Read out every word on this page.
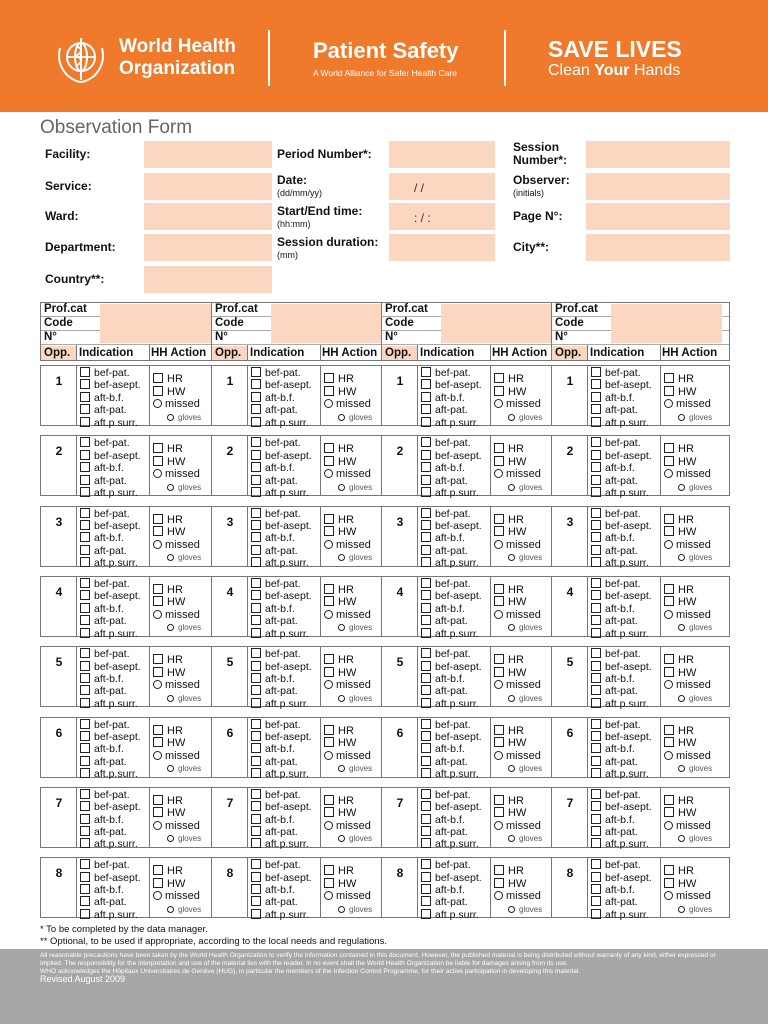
World Health
Organization
Patient Safety
A World Alliance for Safer Health Care
SAVE LIVES
Clean Your Hands
Observation Form
Facility:
Service:
Ward:
Department:
Country**:
Period Number*:
Date:
(dd/mm/yy)	/ /
Start/End time:
(hh:mm)	: / :
Session duration:
(mm)
Session
Number*:
Observer:
(initials)
Page N°:
City**:
Prof.cat
Code
N°
Opp. Indication HH Action
Prof.cat
Code
N°
Opp. Indication HH Action
Prof.cat
Code
N°
Opp. Indication HH Action
Prof.cat
Code
N°
Opp. Indication HH Action
1
bef-pat.
bef-asept.
aft-b.f.
aft-pat.
aft.p.surr.
HR
HW
missed
gloves
1
bef-pat.
bef-asept.
aft-b.f.
aft-pat.
aft.p.surr.
HR
HW
missed
gloves
1
bef-pat.
bef-asept.
aft-b.f.
aft-pat.
aft.p.surr.
HR
HW
missed
gloves
1
bef-pat.
bef-asept.
aft-b.f.
aft-pat.
aft.p.surr.
HR
HW
missed
gloves
2
bef-pat.
bef-asept.
aft-b.f.
aft-pat.
aft.p.surr.
HR
HW
missed
gloves
2
bef-pat.
bef-asept.
aft-b.f.
aft-pat.
aft.p.surr.
HR
HW
missed
gloves
2
bef-pat.
bef-asept.
aft-b.f.
aft-pat.
aft.p.surr.
HR
HW
missed
gloves
2
bef-pat.
bef-asept.
aft-b.f.
aft-pat.
aft.p.surr.
HR
HW
missed
gloves
3
bef-pat.
bef-asept.
aft-b.f.
aft-pat.
aft.p.surr.
HR
HW
missed
gloves
3
bef-pat.
bef-asept.
aft-b.f.
aft-pat.
aft.p.surr.
HR
HW
missed
gloves
3
bef-pat.
bef-asept.
aft-b.f.
aft-pat.
aft.p.surr.
HR
HW
missed
gloves
3
bef-pat.
bef-asept.
aft-b.f.
aft-pat.
aft.p.surr.
HR
HW
missed
gloves
4
bef-pat.
bef-asept.
aft-b.f.
aft-pat.
aft.p.surr.
HR
HW
missed
gloves
4
bef-pat.
bef-asept.
aft-b.f.
aft-pat.
aft.p.surr.
HR
HW
missed
gloves
4
bef-pat.
bef-asept.
aft-b.f.
aft-pat.
aft.p.surr.
HR
HW
missed
gloves
4
bef-pat.
bef-asept.
aft-b.f.
aft-pat.
aft.p.surr.
HR
HW
missed
gloves
5
bef-pat.
bef-asept.
aft-b.f.
aft-pat.
aft.p.surr.
HR
HW
missed
gloves
5
bef-pat.
bef-asept.
aft-b.f.
aft-pat.
aft.p.surr.
HR
HW
missed
gloves
5
bef-pat.
bef-asept.
aft-b.f.
aft-pat.
aft.p.surr.
HR
HW
missed
gloves
5
bef-pat.
bef-asept.
aft-b.f.
aft-pat.
aft.p.surr.
HR
HW
missed
gloves
6
bef-pat.
bef-asept.
aft-b.f.
aft-pat.
aft.p.surr.
HR
HW
missed
gloves
6
bef-pat.
bef-asept.
aft-b.f.
aft-pat.
aft.p.surr.
HR
HW
missed
gloves
6
bef-pat.
bef-asept.
aft-b.f.
aft-pat.
aft.p.surr.
HR
HW
missed
gloves
6
bef-pat.
bef-asept.
aft-b.f.
aft-pat.
aft.p.surr.
HR
HW
missed
gloves
7
bef-pat.
bef-asept.
aft-b.f.
aft-pat.
aft.p.surr.
HR
HW
missed
gloves
7
bef-pat.
bef-asept.
aft-b.f.
aft-pat.
aft.p.surr.
HR
HW
missed
gloves
7
bef-pat.
bef-asept.
aft-b.f.
aft-pat.
aft.p.surr.
HR
HW
missed
gloves
7
bef-pat.
bef-asept.
aft-b.f.
aft-pat.
aft.p.surr.
HR
HW
missed
gloves
8
bef-pat.
bef-asept.
aft-b.f.
aft-pat.
aft.p.surr.
HR
HW
missed
gloves
8
bef-pat.
bef-asept.
aft-b.f.
aft-pat.
aft.p.surr.
HR
HW
missed
gloves
8
bef-pat.
bef-asept.
aft-b.f.
aft-pat.
aft.p.surr.
HR
HW
missed
gloves
8
bef-pat.
bef-asept.
aft-b.f.
aft-pat.
aft.p.surr.
HR
HW
missed
gloves
* To be completed by the data manager.
** Optional, to be used if appropriate, according to the local needs and regulations.
All reasonable precautions have been taken by the World Health Organization to verify the information contained in this document. However, the published material is being distributed without warranty of any kind, either expressed or implied. The responsibility for the interpretation and use of the material lies with the reader. In no event shall the World Health Organization be liable for damages arising from its use.
WHO acknowledges the Hôpitaux Universitaires de Genève (HUG), in particular the members of the Infection Control Programme, for their active participation in developing this material.
Revised August 2009
